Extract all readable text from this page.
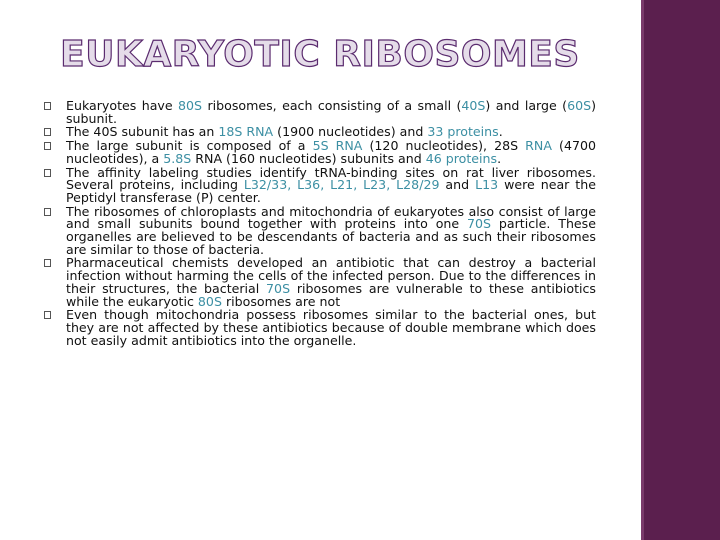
EUKARYOTIC RIBOSOMES
Eukaryotes have 80S ribosomes, each consisting of a small (40S) and large (60S) subunit.
The 40S subunit has an 18S RNA (1900 nucleotides) and 33 proteins.
The large subunit is composed of a 5S RNA (120 nucleotides), 28S RNA (4700 nucleotides), a 5.8S RNA (160 nucleotides) subunits and 46 proteins.
The affinity labeling studies identify tRNA-binding sites on rat liver ribosomes. Several proteins, including L32/33, L36, L21, L23, L28/29 and L13 were near the Peptidyl transferase (P) center.
The ribosomes of chloroplasts and mitochondria of eukaryotes also consist of large and small subunits bound together with proteins into one 70S particle. These organelles are believed to be descendants of bacteria and as such their ribosomes are similar to those of bacteria.
Pharmaceutical chemists developed an antibiotic that can destroy a bacterial infection without harming the cells of the infected person. Due to the differences in their structures, the bacterial 70S ribosomes are vulnerable to these antibiotics while the eukaryotic 80S ribosomes are not
Even though mitochondria possess ribosomes similar to the bacterial ones, but they are not affected by these antibiotics because of double membrane which does not easily admit antibiotics into the organelle.
